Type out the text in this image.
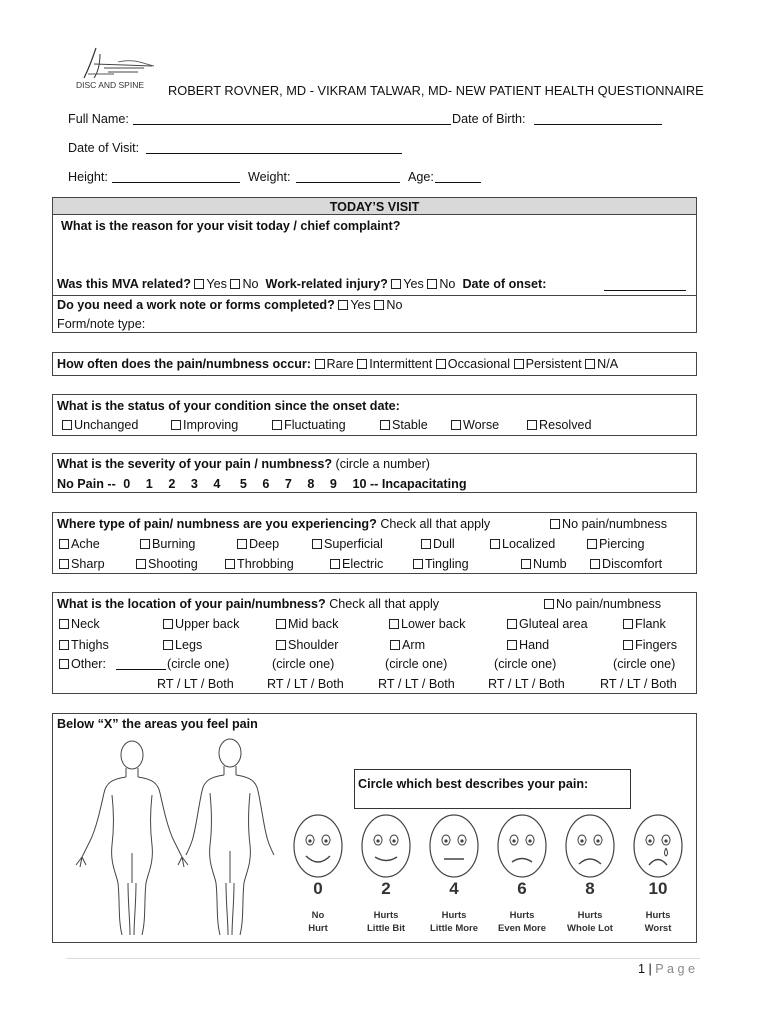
DISC AND SPINE ROBERT ROVNER, MD - VIKRAM TALWAR, MD- NEW PATIENT HEALTH QUESTIONNAIRE
Full Name:	Date of Birth:
Date of Visit:
Height:	Weight:	Age:
TODAY’S VISIT
What is the reason for your visit today / chief complaint?
Was this MVA related? Yes No Work-related injury? Yes No Date of onset:
Do you need a work note or forms completed? Yes No
Form/note type:
How often does the pain/numbness occur: Rare Intermittent Occasional Persistent N/A
What is the status of your condition since the onset date:
Unchanged	Improving	Fluctuating	Stable	Worse	Resolved
What is the severity of your pain / numbness? (circle a number)
No Pain -- 0 1 2 3 4 5 6 7 8 9 10 -- Incapacitating
Where type of pain/ numbness are you experiencing? Check all that apply	No pain/numbness
Ache	Burning	Deep	Superficial	Dull	Localized	Piercing
Sharp	Shooting	Throbbing	Electric	Tingling	Numb	Discomfort
What is the location of your pain/numbness? Check all that apply	No pain/numbness
Neck	Upper back	Mid back	Lower back	Gluteal area	Flank
Thighs	Legs	Shoulder	Arm	Hand	Fingers
Other:	(circle one)	(circle one)	(circle one)	(circle one)	(circle one)
RT / LT / Both	RT / LT / Both	RT / LT / Both	RT / LT / Both	RT / LT / Both
Below “X” the areas you feel pain
Circle which best describes your pain:
0
No
Hurt
2
Hurts
Little Bit
4
Hurts
Little More
6
Hurts
Even More
8
Hurts
Whole Lot
10
Hurts
Worst
1 | P a g e
